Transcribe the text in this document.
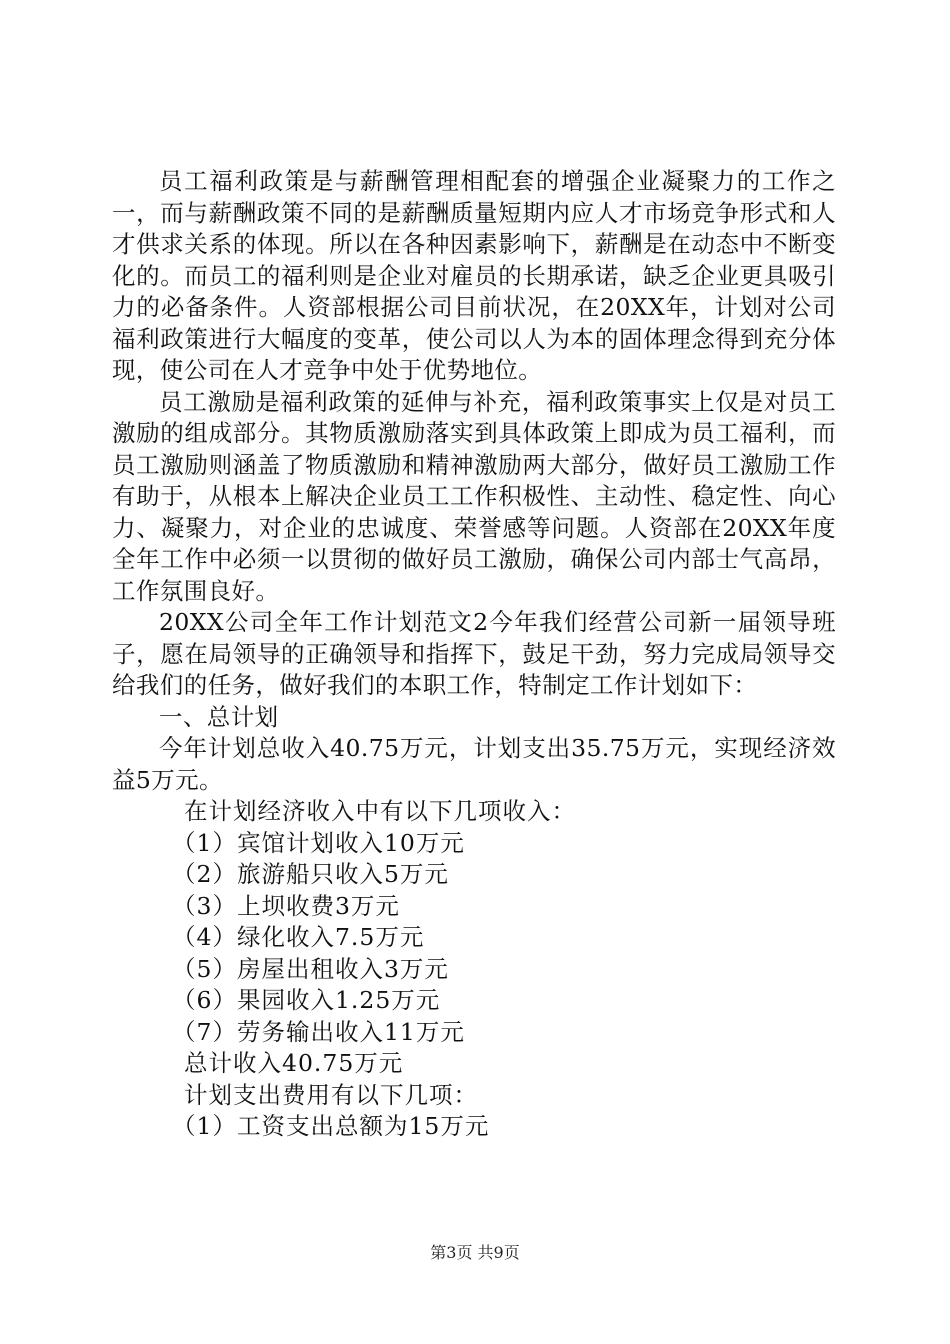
员工福利政策是与薪酬管理相配套的增强企业凝聚力的工作之一，而与薪酬政策不同的是薪酬质量短期内应人才市场竞争形式和人才供求关系的体现。所以在各种因素影响下，薪酬是在动态中不断变化的。而员工的福利则是企业对雇员的长期承诺，缺乏企业更具吸引力的必备条件。人资部根据公司目前状况，在20XX年，计划对公司福利政策进行大幅度的变革，使公司以人为本的固体理念得到充分体现，使公司在人才竞争中处于优势地位。

员工激励是福利政策的延伸与补充，福利政策事实上仅是对员工激励的组成部分。其物质激励落实到具体政策上即成为员工福利，而员工激励则涵盖了物质激励和精神激励两大部分，做好员工激励工作有助于，从根本上解决企业员工工作积极性、主动性、稳定性、向心力、凝聚力，对企业的忠诚度、荣誉感等问题。人资部在20XX年度全年工作中必须一以贯彻的做好员工激励，确保公司内部士气高昂，工作氛围良好。

20XX公司全年工作计划范文2今年我们经营公司新一届领导班子，愿在局领导的正确领导和指挥下，鼓足干劲，努力完成局领导交给我们的任务，做好我们的本职工作，特制定工作计划如下：

一、总计划

今年计划总收入40.75万元，计划支出35.75万元，实现经济效益5万元。

在计划经济收入中有以下几项收入：

（1）宾馆计划收入10万元

（2）旅游船只收入5万元

（3）上坝收费3万元

（4）绿化收入7.5万元

（5）房屋出租收入3万元

（6）果园收入1.25万元

（7）劳务输出收入11万元

总计收入40.75万元

计划支出费用有以下几项：

（1）工资支出总额为15万元

第3页 共9页
